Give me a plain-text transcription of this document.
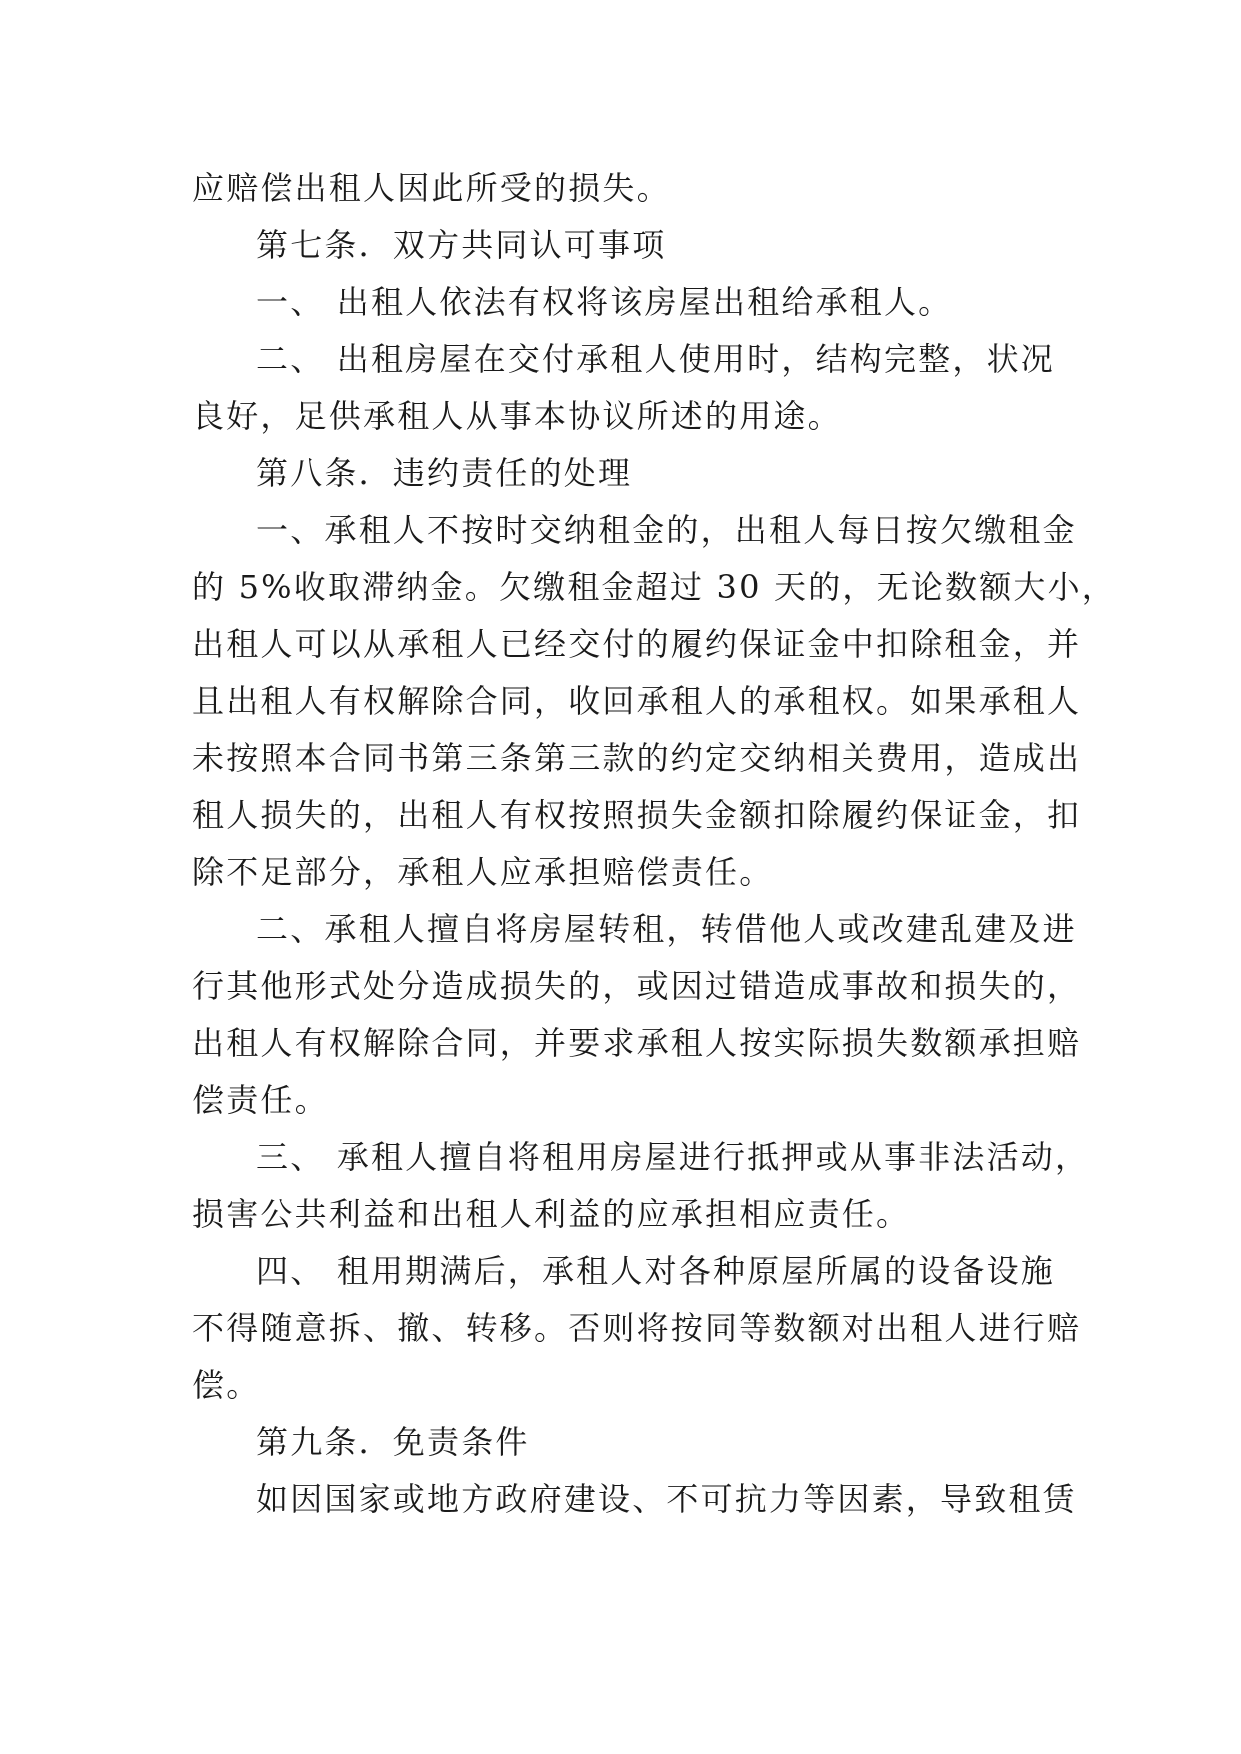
应赔偿出租人因此所受的损失。
第七条．双方共同认可事项
一、 出租人依法有权将该房屋出租给承租人。
二、 出租房屋在交付承租人使用时，结构完整，状况
良好，足供承租人从事本协议所述的用途。
第八条．违约责任的处理
一、承租人不按时交纳租金的，出租人每日按欠缴租金
的 5%收取滞纳金。欠缴租金超过 30 天的，无论数额大小，
出租人可以从承租人已经交付的履约保证金中扣除租金，并
且出租人有权解除合同，收回承租人的承租权。如果承租人
未按照本合同书第三条第三款的约定交纳相关费用，造成出
租人损失的，出租人有权按照损失金额扣除履约保证金，扣
除不足部分，承租人应承担赔偿责任。
二、承租人擅自将房屋转租，转借他人或改建乱建及进
行其他形式处分造成损失的，或因过错造成事故和损失的，
出租人有权解除合同，并要求承租人按实际损失数额承担赔
偿责任。
三、 承租人擅自将租用房屋进行抵押或从事非法活动，
损害公共利益和出租人利益的应承担相应责任。
四、 租用期满后，承租人对各种原屋所属的设备设施
不得随意拆、撤、转移。否则将按同等数额对出租人进行赔
偿。
第九条．免责条件
如因国家或地方政府建设、不可抗力等因素，导致租赁
